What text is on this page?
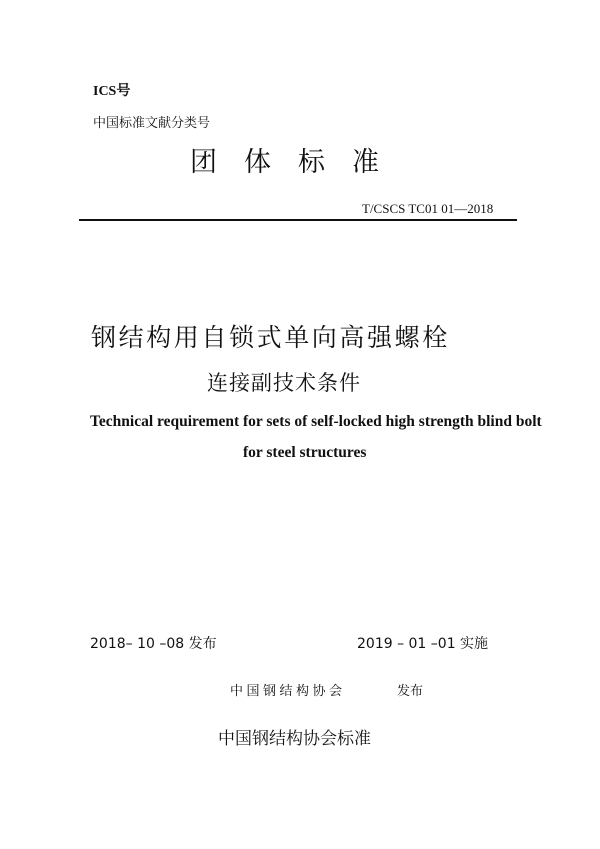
ICS号
中国标准文献分类号
团体标准
T/CSCS TC01 01—2018
钢结构用自锁式单向高强螺栓
连接副技术条件
Technical requirement for sets of self-locked high strength blind bolt
for steel structures
2018– 10 –08 发布	2019 – 01 –01 实施
中国钢结构协会	发布
中国钢结构协会标准
